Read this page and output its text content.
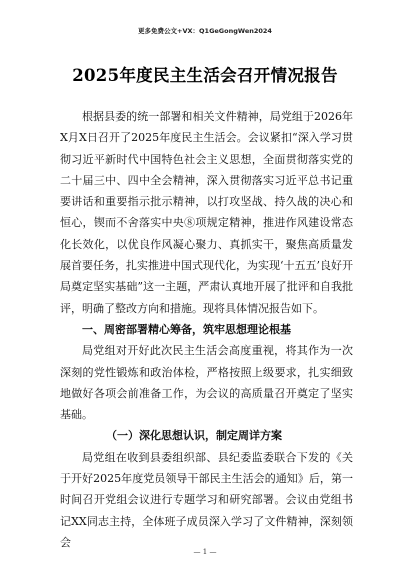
更多免费公文+VX：Q1GeGongWen2024
2025年度民主生活会召开情况报告

根据县委的统一部署和相关文件精神，局党组于2026年X月X日召开了2025年度民主生活会。会议紧扣“深入学习贯彻习近平新时代中国特色社会主义思想，全面贯彻落实党的二十届三中、四中全会精神，深入贯彻落实习近平总书记重要讲话和重要指示批示精神，以打攻坚战、持久战的决心和恒心，锲而不舍落实中央⑧项规定精神，推进作风建设常态化长效化，以优良作风凝心聚力、真抓实干，聚焦高质量发展首要任务，扎实推进中国式现代化，为实现‘十五五’良好开局奠定坚实基础”这一主题，严肃认真地开展了批评和自我批评，明确了整改方向和措施。现将具体情况报告如下。

一、周密部署精心筹备，筑牢思想理论根基

局党组对开好此次民主生活会高度重视，将其作为一次深刻的党性锻炼和政治体检，严格按照上级要求，扎实细致地做好各项会前准备工作，为会议的高质量召开奠定了坚实基础。

（一）深化思想认识，制定周详方案

局党组在收到县委组织部、县纪委监委联合下发的《关于开好2025年度党员领导干部民主生活会的通知》后，第一时间召开党组会议进行专题学习和研究部署。会议由党组书记XX同志主持，全体班子成员深入学习了文件精神，深刻领会

— 1 —
